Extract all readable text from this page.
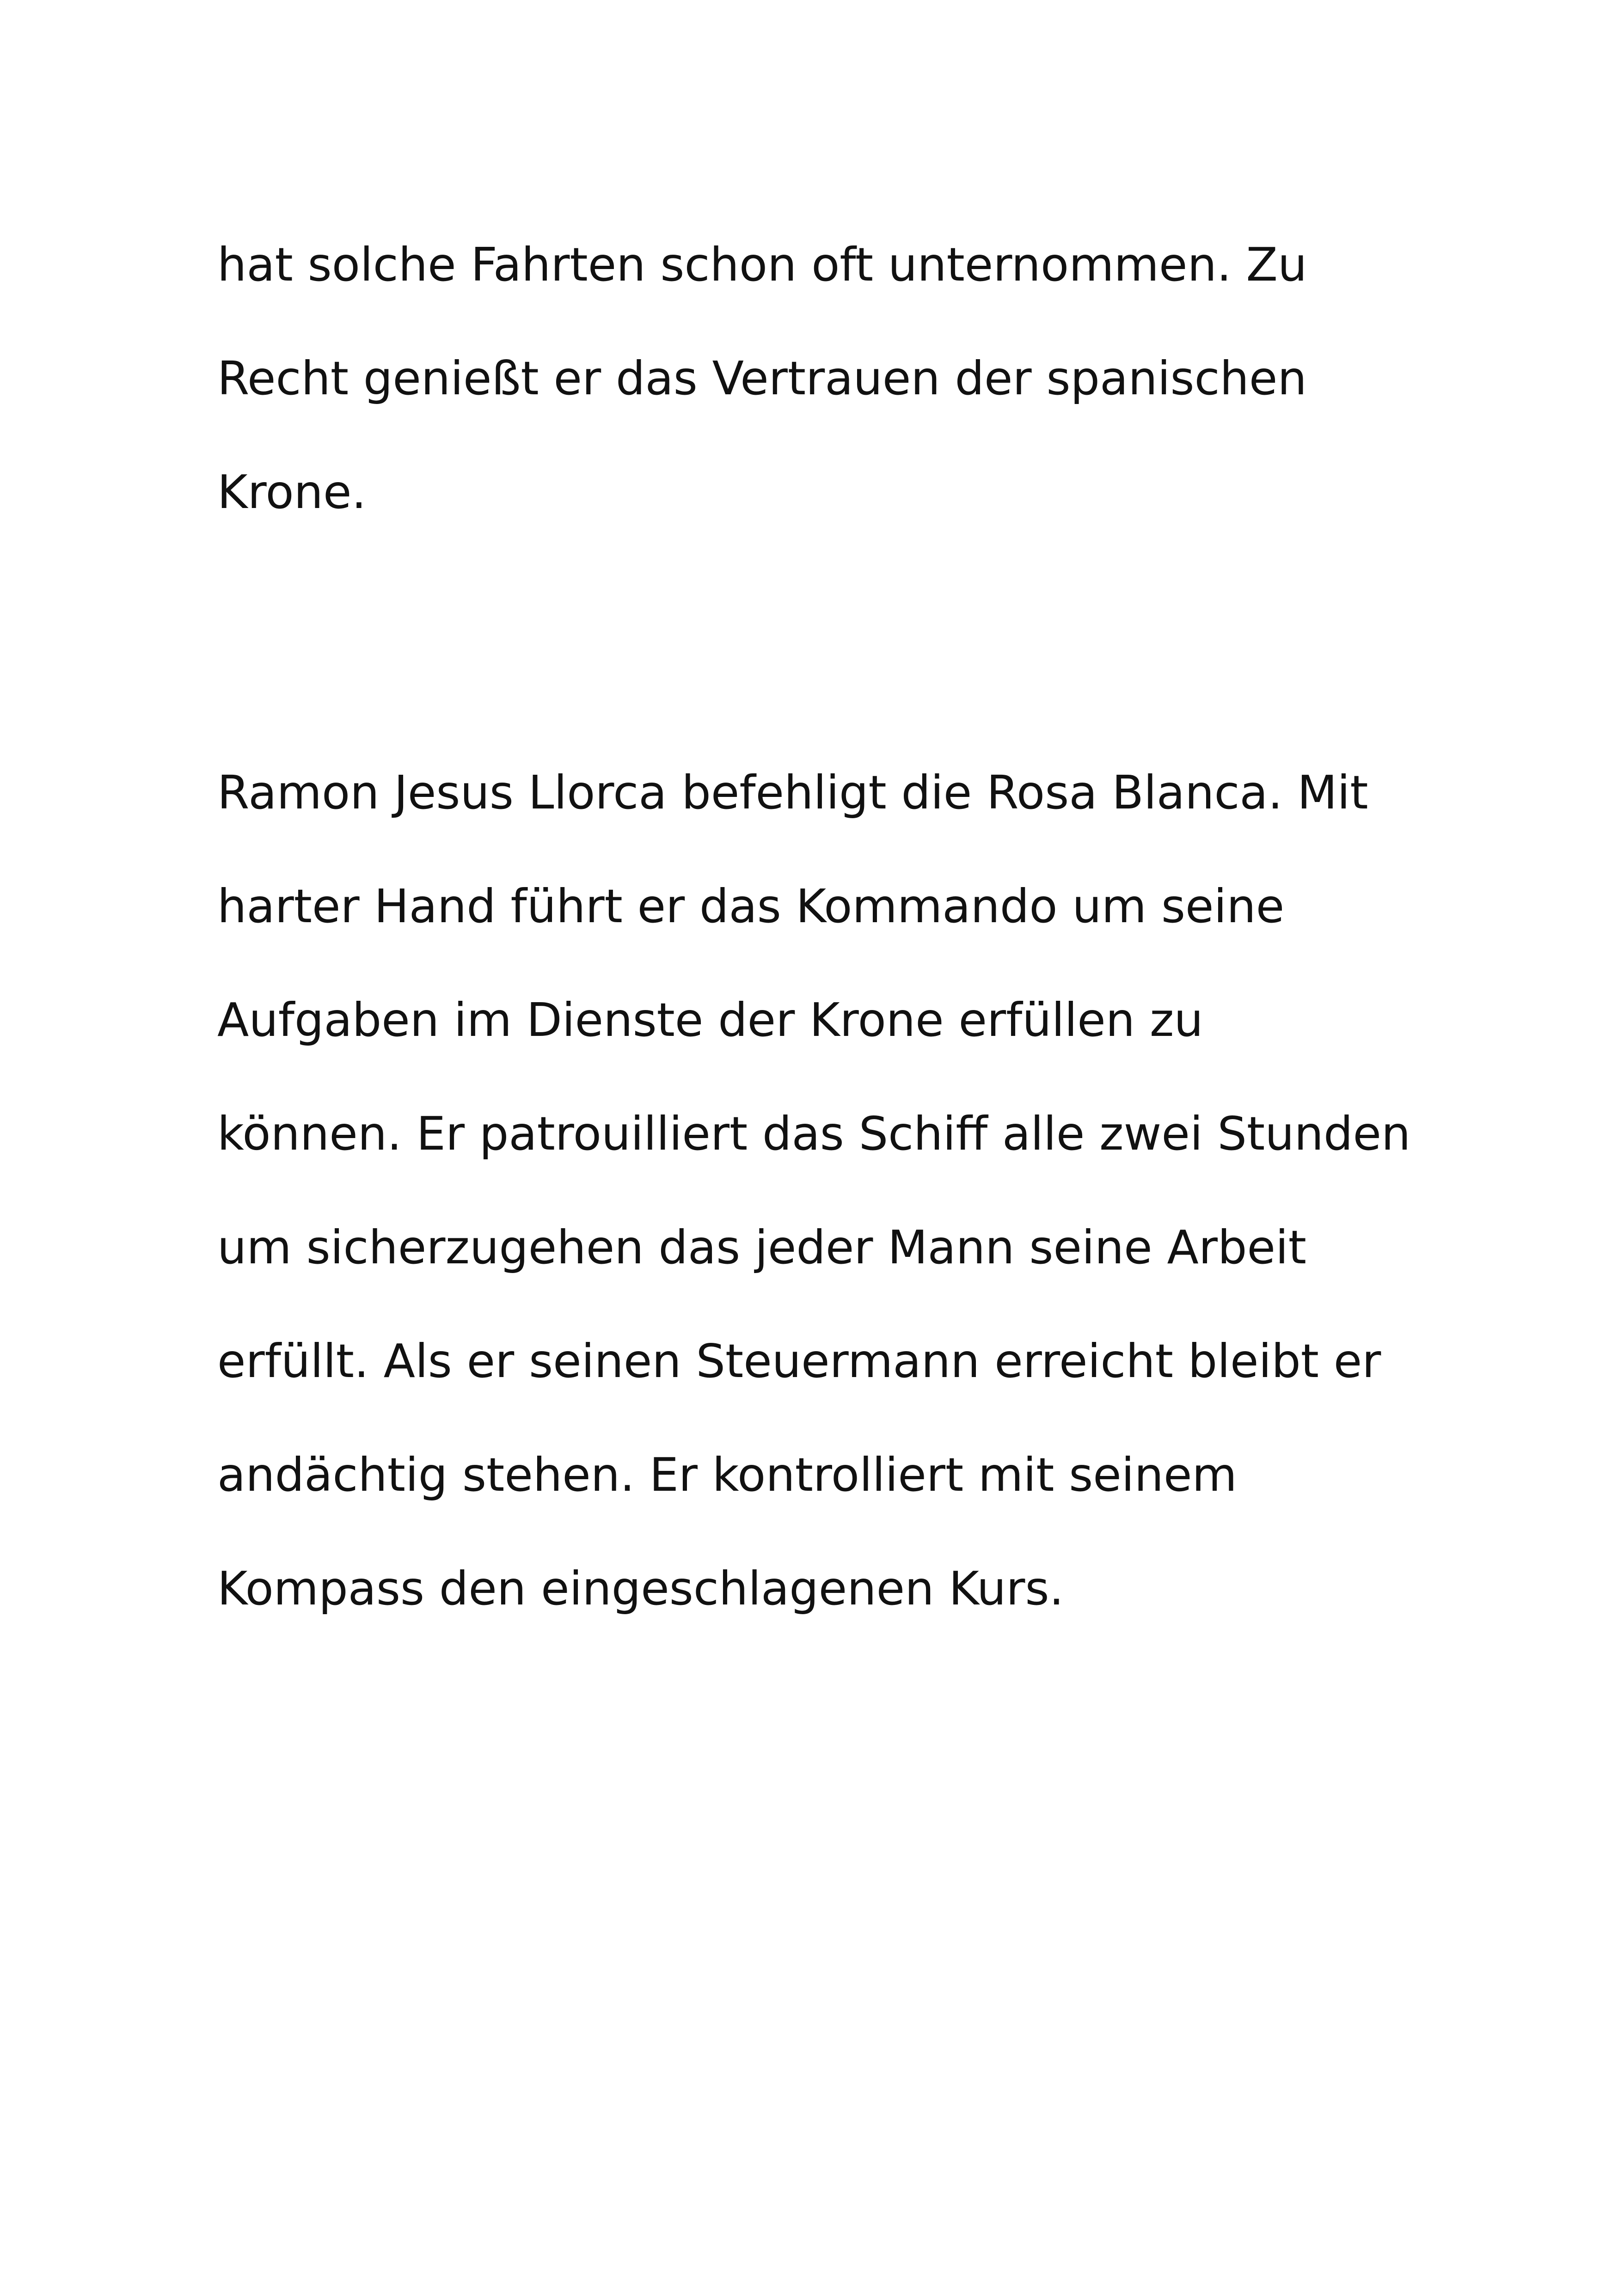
hat solche Fahrten schon oft unternommen. Zu
Recht genießt er das Vertrauen der spanischen
Krone.
Ramon Jesus Llorca befehligt die Rosa Blanca. Mit
harter Hand führt er das Kommando um seine
Aufgaben im Dienste der Krone erfüllen zu
können. Er patrouilliert das Schiff alle zwei Stunden
um sicherzugehen das jeder Mann seine Arbeit
erfüllt. Als er seinen Steuermann erreicht bleibt er
andächtig stehen. Er kontrolliert mit seinem
Kompass den eingeschlagenen Kurs.
